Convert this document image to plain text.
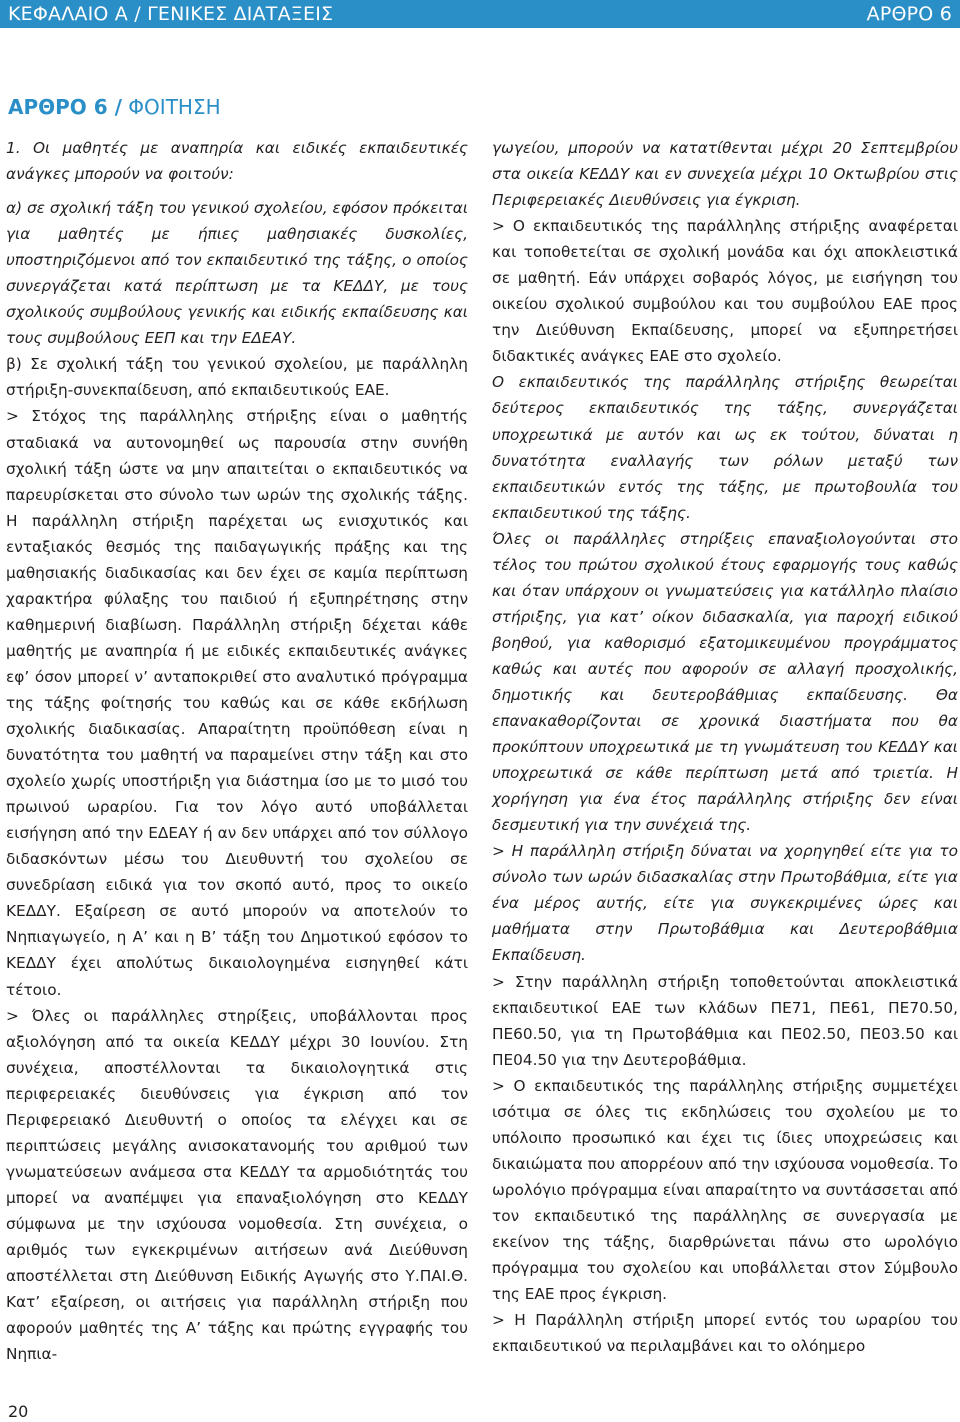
ΚΕΦΑΛΑΙΟ Α / ΓΕΝΙΚΕΣ ΔΙΑΤΑΞΕΙΣ	ΑΡΘΡΟ 6
ΑΡΘΡΟ 6 / ΦΟΙΤΗΣΗ

1. Οι μαθητές με αναπηρία και ειδικές εκπαιδευτικές ανάγκες μπορούν να φοιτούν:

α) σε σχολική τάξη του γενικού σχολείου, εφόσον πρόκειται για μαθητές με ήπιες μαθησιακές δυσκολίες, υποστηριζόμενοι από τον εκπαιδευτικό της τάξης, ο οποίος συνεργάζεται κατά περίπτωση με τα ΚΕΔΔΥ, με τους σχολικούς συμβούλους γενικής και ειδικής εκπαίδευσης και τους συμβούλους ΕΕΠ και την ΕΔΕΑΥ.

β) Σε σχολική τάξη του γενικού σχολείου, με παράλληλη στήριξη-συνεκπαίδευση, από εκπαιδευτικούς ΕΑΕ.

> Στόχος της παράλληλης στήριξης είναι ο μαθητής σταδιακά να αυτονομηθεί ως παρουσία στην συνήθη σχολική τάξη ώστε να μην απαιτείται ο εκπαιδευτικός να παρευρίσκεται στο σύνολο των ωρών της σχολικής τάξης. Η παράλληλη στήριξη παρέχεται ως ενισχυτικός και ενταξιακός θεσμός της παιδαγωγικής πράξης και της μαθησιακής διαδικασίας και δεν έχει σε καμία περίπτωση χαρακτήρα φύλαξης του παιδιού ή εξυπηρέτησης στην καθημερινή διαβίωση. Παράλληλη στήριξη δέχεται κάθε μαθητής με αναπηρία ή με ειδικές εκπαιδευτικές ανάγκες εφ’ όσον μπορεί ν’ ανταποκριθεί στο αναλυτικό πρόγραμμα της τάξης φοίτησής του καθώς και σε κάθε εκδήλωση σχολικής διαδικασίας. Απαραίτητη προϋπόθεση είναι η δυνατότητα του μαθητή να παραμείνει στην τάξη και στο σχολείο χωρίς υποστήριξη για διάστημα ίσο με το μισό του πρωινού ωραρίου. Για τον λόγο αυτό υποβάλλεται εισήγηση από την ΕΔΕΑΥ ή αν δεν υπάρχει από τον σύλλογο διδασκόντων μέσω του Διευθυντή του σχολείου σε συνεδρίαση ειδικά για τον σκοπό αυτό, προς το οικείο ΚΕΔΔΥ. Εξαίρεση σε αυτό μπορούν να αποτελούν το Νηπιαγωγείο, η Α’ και η Β’ τάξη του Δημοτικού εφόσον το ΚΕΔΔΥ έχει απολύτως δικαιολογημένα εισηγηθεί κάτι τέτοιο.

> Όλες οι παράλληλες στηρίξεις, υποβάλλονται προς αξιολόγηση από τα οικεία ΚΕΔΔΥ μέχρι 30 Ιουνίου. Στη συνέχεια, αποστέλλονται τα δικαιολογητικά στις περιφερειακές διευθύνσεις για έγκριση από τον Περιφερειακό Διευθυντή ο οποίος τα ελέγχει και σε περιπτώσεις μεγάλης ανισοκατανομής του αριθμού των γνωματεύσεων ανάμεσα στα ΚΕΔΔΥ τα αρμοδιότητάς του μπορεί να αναπέμψει για επαναξιολόγηση στο ΚΕΔΔΥ σύμφωνα με την ισχύουσα νομοθεσία. Στη συνέχεια, ο αριθμός των εγκεκριμένων αιτήσεων ανά Διεύθυνση αποστέλλεται στη Διεύθυνση Ειδικής Αγωγής στο Υ.ΠΑΙ.Θ. Κατ’ εξαίρεση, οι αιτήσεις για παράλληλη στήριξη που αφορούν μαθητές της Α’ τάξης και πρώτης εγγραφής του Νηπια-

γωγείου, μπορούν να κατατίθενται μέχρι 20 Σεπτεμβρίου στα οικεία ΚΕΔΔΥ και εν συνεχεία μέχρι 10 Οκτωβρίου στις Περιφερειακές Διευθύνσεις για έγκριση.

> Ο εκπαιδευτικός της παράλληλης στήριξης αναφέρεται και τοποθετείται σε σχολική μονάδα και όχι αποκλειστικά σε μαθητή. Εάν υπάρχει σοβαρός λόγος, με εισήγηση του οικείου σχολικού συμβούλου και του συμβούλου ΕΑΕ προς την Διεύθυνση Εκπαίδευσης, μπορεί να εξυπηρετήσει διδακτικές ανάγκες ΕΑΕ στο σχολείο.

Ο εκπαιδευτικός της παράλληλης στήριξης θεωρείται δεύτερος εκπαιδευτικός της τάξης, συνεργάζεται υποχρεωτικά με αυτόν και ως εκ τούτου, δύναται η δυνατότητα εναλλαγής των ρόλων μεταξύ των εκπαιδευτικών εντός της τάξης, με πρωτοβουλία του εκπαιδευτικού της τάξης.

Όλες οι παράλληλες στηρίξεις επαναξιολογούνται στο τέλος του πρώτου σχολικού έτους εφαρμογής τους καθώς και όταν υπάρχουν οι γνωματεύσεις για κατάλληλο πλαίσιο στήριξης, για κατ’ οίκον διδασκαλία, για παροχή ειδικού βοηθού, για καθορισμό εξατομικευμένου προγράμματος καθώς και αυτές που αφορούν σε αλλαγή προσχολικής, δημοτικής και δευτεροβάθμιας εκπαίδευσης. Θα επανακαθορίζονται σε χρονικά διαστήματα που θα προκύπτουν υποχρεωτικά με τη γνωμάτευση του ΚΕΔΔΥ και υποχρεωτικά σε κάθε περίπτωση μετά από τριετία. Η χορήγηση για ένα έτος παράλληλης στήριξης δεν είναι δεσμευτική για την συνέχειά της.

> Η παράλληλη στήριξη δύναται να χορηγηθεί είτε για το σύνολο των ωρών διδασκαλίας στην Πρωτοβάθμια, είτε για ένα μέρος αυτής, είτε για συγκεκριμένες ώρες και μαθήματα στην Πρωτοβάθμια και Δευτεροβάθμια Εκπαίδευση.

> Στην παράλληλη στήριξη τοποθετούνται αποκλειστικά εκπαιδευτικοί ΕΑΕ των κλάδων ΠΕ71, ΠΕ61, ΠΕ70.50, ΠΕ60.50, για τη Πρωτοβάθμια και ΠΕ02.50, ΠΕ03.50 και ΠΕ04.50 για την Δευτεροβάθμια.

> Ο εκπαιδευτικός της παράλληλης στήριξης συμμετέχει ισότιμα σε όλες τις εκδηλώσεις του σχολείου με το υπόλοιπο προσωπικό και έχει τις ίδιες υποχρεώσεις και δικαιώματα που απορρέουν από την ισχύουσα νομοθεσία. Το ωρολόγιο πρόγραμμα είναι απαραίτητο να συντάσσεται από τον εκπαιδευτικό της παράλληλης σε συνεργασία με εκείνον της τάξης, διαρθρώνεται πάνω στο ωρολόγιο πρόγραμμα του σχολείου και υποβάλλεται στον Σύμβουλο της ΕΑΕ προς έγκριση.

> Η Παράλληλη στήριξη μπορεί εντός του ωραρίου του εκπαιδευτικού να περιλαμβάνει και το ολόημερο

20
